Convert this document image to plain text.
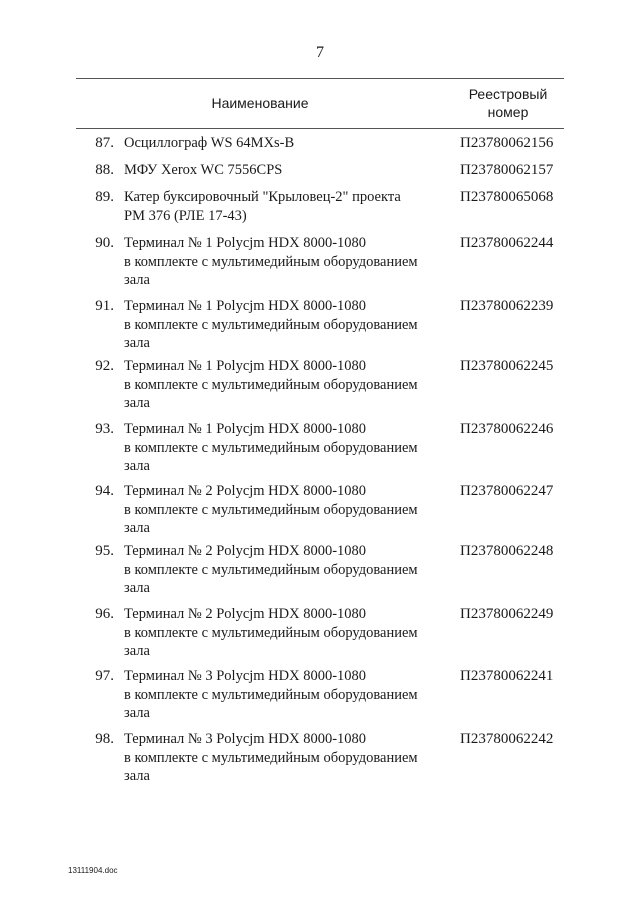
7
Наименование
Реестровый
номер
87. Осциллограф WS 64MXs-B	П23780062156
88. МФУ Xerox WC 7556CPS	П23780062157
89. Катер буксировочный "Крыловец-2" проекта
РМ 376 (РЛЕ 17-43)
П23780065068
90. Терминал № 1 Polycjm HDX 8000-1080
в комплекте с мультимедийным оборудованием
зала
П23780062244
91. Терминал № 1 Polycjm HDX 8000-1080
в комплекте с мультимедийным оборудованием
зала
П23780062239
92. Терминал № 1 Polycjm HDX 8000-1080
в комплекте с мультимедийным оборудованием
зала
П23780062245
93. Терминал № 1 Polycjm HDX 8000-1080
в комплекте с мультимедийным оборудованием
зала
П23780062246
94. Терминал № 2 Polycjm HDX 8000-1080
в комплекте с мультимедийным оборудованием
зала
П23780062247
95. Терминал № 2 Polycjm HDX 8000-1080
в комплекте с мультимедийным оборудованием
зала
П23780062248
96. Терминал № 2 Polycjm HDX 8000-1080
в комплекте с мультимедийным оборудованием
зала
П23780062249
97. Терминал № 3 Polycjm HDX 8000-1080
в комплекте с мультимедийным оборудованием
зала
П23780062241
98. Терминал № 3 Polycjm HDX 8000-1080
в комплекте с мультимедийным оборудованием
зала
П23780062242
13111904.doc
